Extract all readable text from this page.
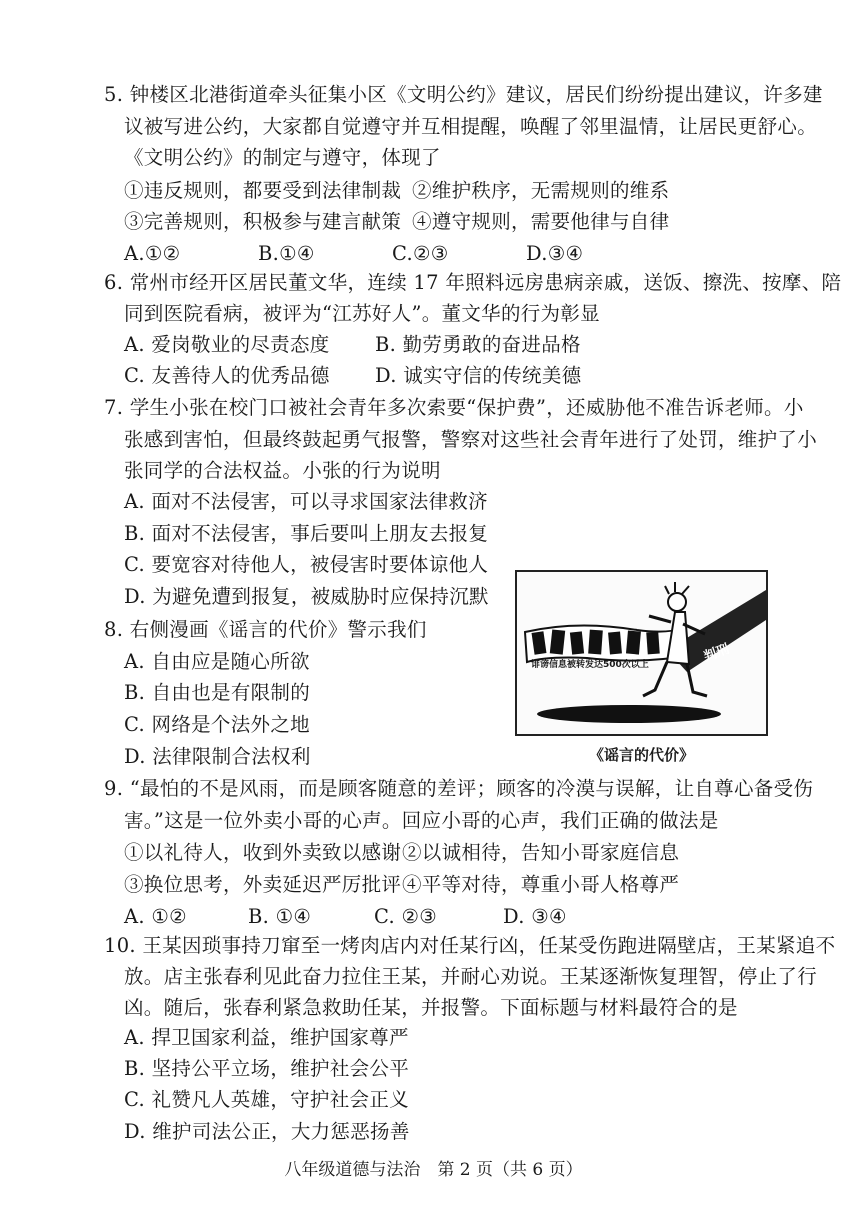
5. 钟楼区北港街道牵头征集小区《文明公约》建议，居民们纷纷提出建议，许多建
议被写进公约，大家都自觉遵守并互相提醒，唤醒了邻里温情，让居民更舒心。
《文明公约》的制定与遵守，体现了
①违反规则，都要受到法律制裁 ②维护秩序，无需规则的维系
③完善规则，积极参与建言献策 ④遵守规则，需要他律与自律
A.①②	B.①④	C.②③	D.③④
6. 常州市经开区居民董文华，连续 17 年照料远房患病亲戚，送饭、擦洗、按摩、陪
同到医院看病，被评为“江苏好人”。董文华的行为彰显
A. 爱岗敬业的尽责态度 B. 勤劳勇敢的奋进品格
C. 友善待人的优秀品德 D. 诚实守信的传统美德
7. 学生小张在校门口被社会青年多次索要“保护费”，还威胁他不准告诉老师。小
张感到害怕，但最终鼓起勇气报警，警察对这些社会青年进行了处罚，维护了小
张同学的合法权益。小张的行为说明
A. 面对不法侵害，可以寻求国家法律救济
B. 面对不法侵害，事后要叫上朋友去报复
C. 要宽容对待他人，被侵害时要体谅他人
D. 为避免遭到报复，被威胁时应保持沉默
8. 右侧漫画《谣言的代价》警示我们
A. 自由应是随心所欲
B. 自由也是有限制的
C. 网络是个法外之地
D. 法律限制合法权利
诽谤信息被转发达500次以上
判刑
《谣言的代价》
9. “最怕的不是风雨，而是顾客随意的差评；顾客的冷漠与误解，让自尊心备受伤
害。”这是一位外卖小哥的心声。回应小哥的心声，我们正确的做法是
①以礼待人，收到外卖致以感谢 ②以诚相待，告知小哥家庭信息
③换位思考，外卖延迟严厉批评 ④平等对待，尊重小哥人格尊严
A. ①②	B. ①④	C. ②③	D. ③④
10. 王某因琐事持刀窜至一烤肉店内对任某行凶，任某受伤跑进隔壁店，王某紧追不
放。店主张春利见此奋力拉住王某，并耐心劝说。王某逐渐恢复理智，停止了行
凶。随后，张春利紧急救助任某，并报警。下面标题与材料最符合的是
A. 捍卫国家利益，维护国家尊严
B. 坚持公平立场，维护社会公平
C. 礼赞凡人英雄，守护社会正义
D. 维护司法公正，大力惩恶扬善
八年级道德与法治　第 2 页（共 6 页）
